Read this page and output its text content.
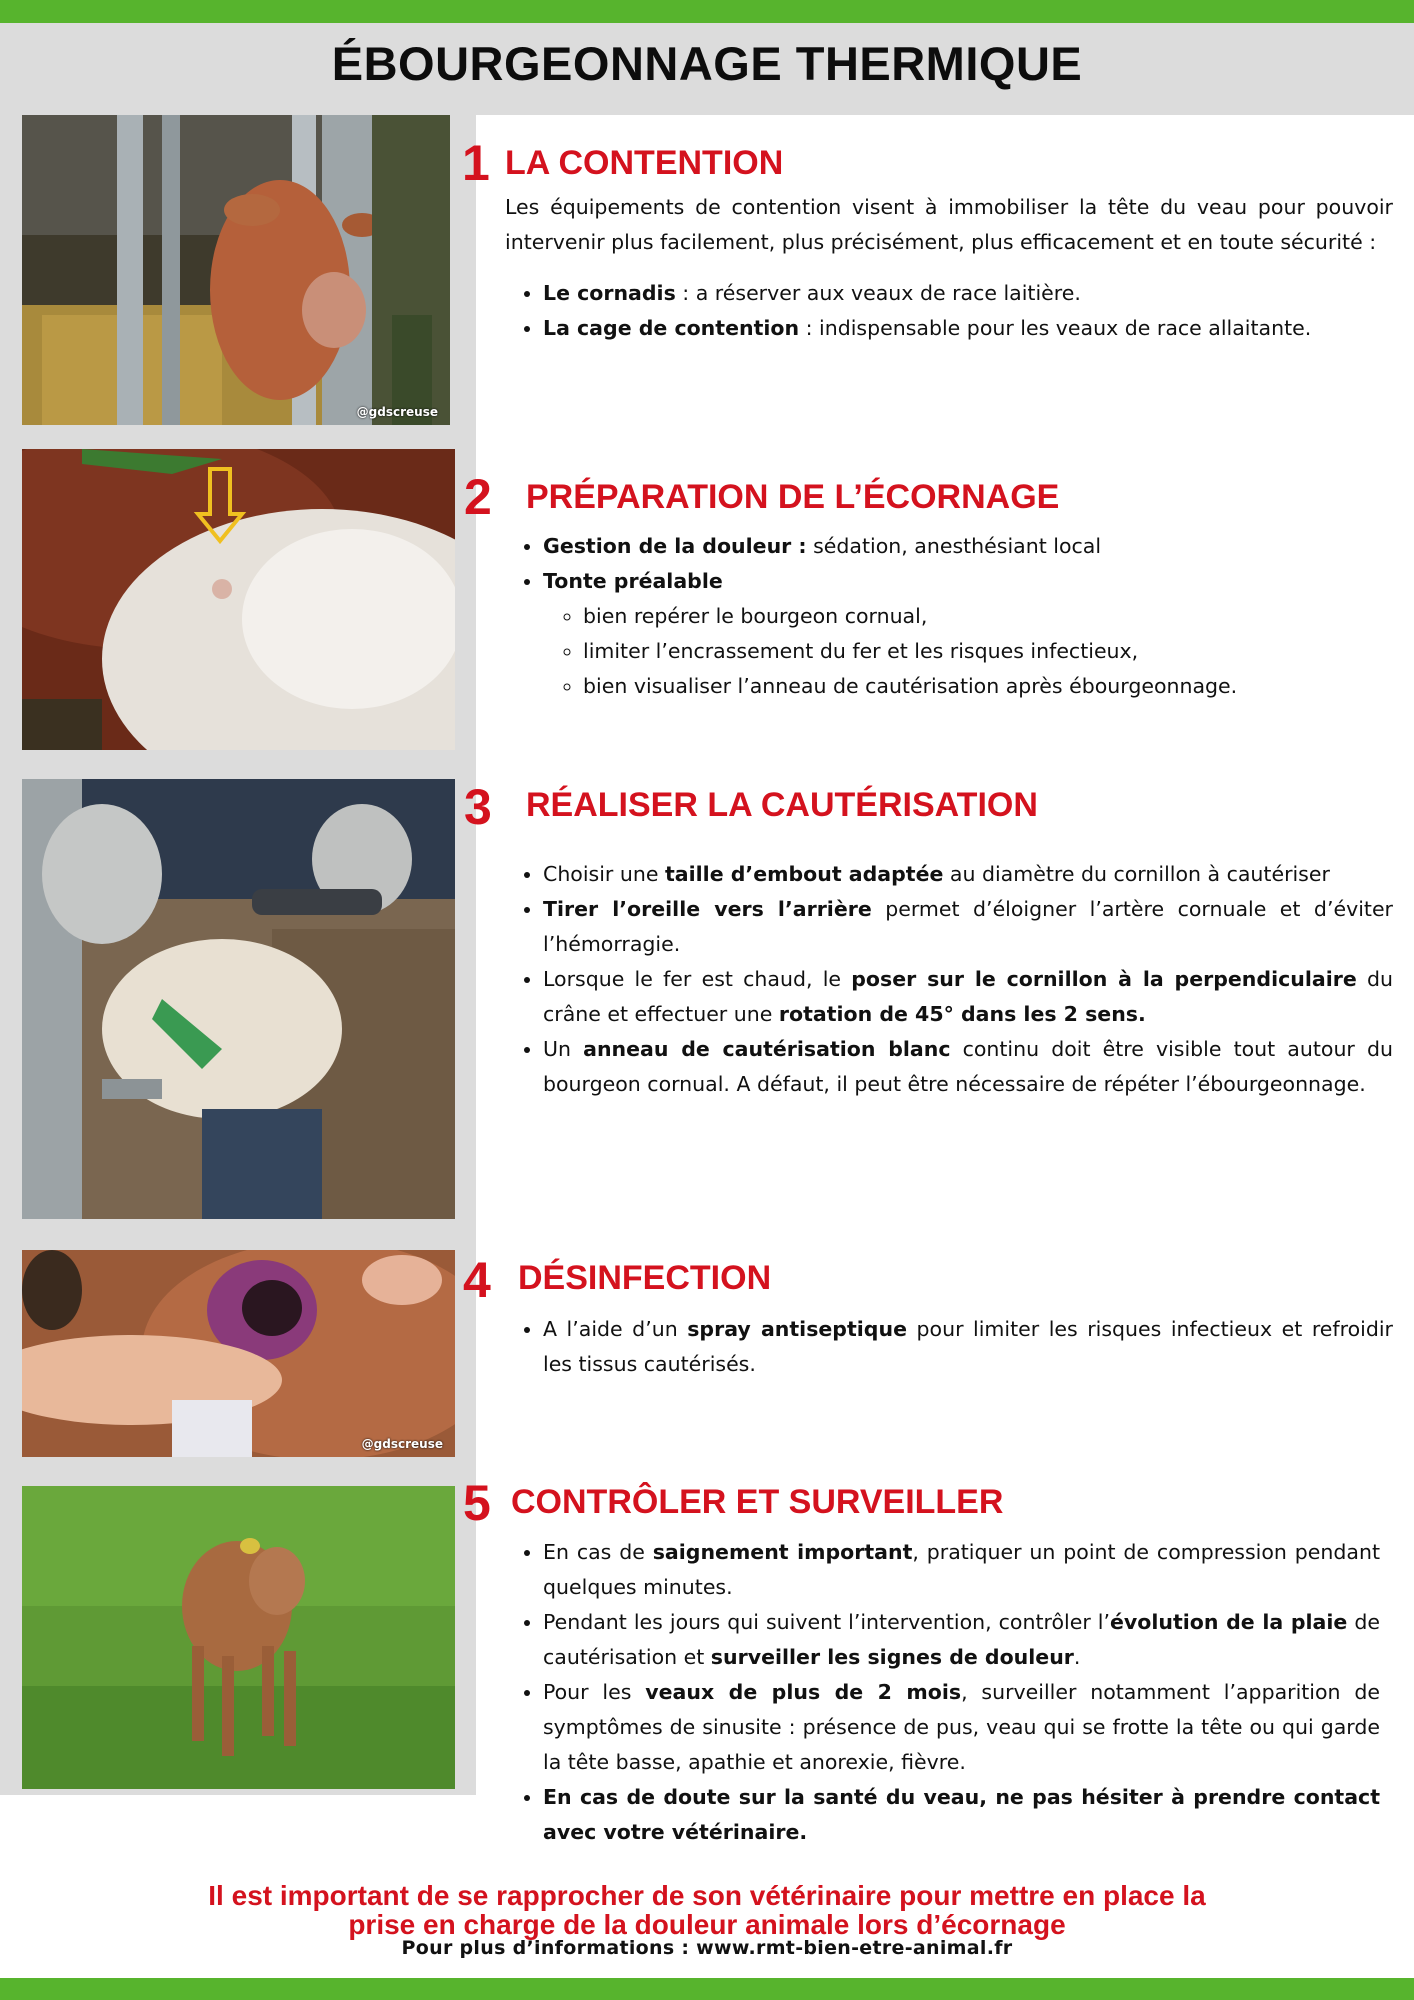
ÉBOURGEONNAGE THERMIQUE
@gdscreuse
@gdscreuse
1 LA CONTENTION

Les équipements de contention visent à immobiliser la tête du veau pour pouvoir intervenir plus facilement, plus précisément, plus efficacement et en toute sécurité :

• Le cornadis : a réserver aux veaux de race laitière.
• La cage de contention : indispensable pour les veaux de race allaitante.
2 PRÉPARATION DE L’ÉCORNAGE
• Gestion de la douleur : sédation, anesthésiant local
• Tonte préalable
◦ bien repérer le bourgeon cornual,
◦ limiter l’encrassement du fer et les risques infectieux,
◦ bien visualiser l’anneau de cautérisation après ébourgeonnage.
3 RÉALISER LA CAUTÉRISATION
• Choisir une taille d’embout adaptée au diamètre du cornillon à cautériser
• Tirer l’oreille vers l’arrière permet d’éloigner l’artère cornuale et d’éviter l’hémorragie.
• Lorsque le fer est chaud, le poser sur le cornillon à la perpendiculaire du crâne et effectuer une rotation de 45° dans les 2 sens.
• Un anneau de cautérisation blanc continu doit être visible tout autour du bourgeon cornual. A défaut, il peut être nécessaire de répéter l’ébourgeonnage.
4 DÉSINFECTION
• A l’aide d’un spray antiseptique pour limiter les risques infectieux et refroidir les tissus cautérisés.
5 CONTRÔLER ET SURVEILLER
• En cas de saignement important, pratiquer un point de compression pendant quelques minutes.
• Pendant les jours qui suivent l’intervention, contrôler l’évolution de la plaie de cautérisation et surveiller les signes de douleur.
• Pour les veaux de plus de 2 mois, surveiller notamment l’apparition de symptômes de sinusite : présence de pus, veau qui se frotte la tête ou qui garde la tête basse, apathie et anorexie, fièvre.
• En cas de doute sur la santé du veau, ne pas hésiter à prendre contact avec votre vétérinaire.
Il est important de se rapprocher de son vétérinaire pour mettre en place la
prise en charge de la douleur animale lors d’écornage
Pour plus d’informations : www.rmt-bien-etre-animal.fr
